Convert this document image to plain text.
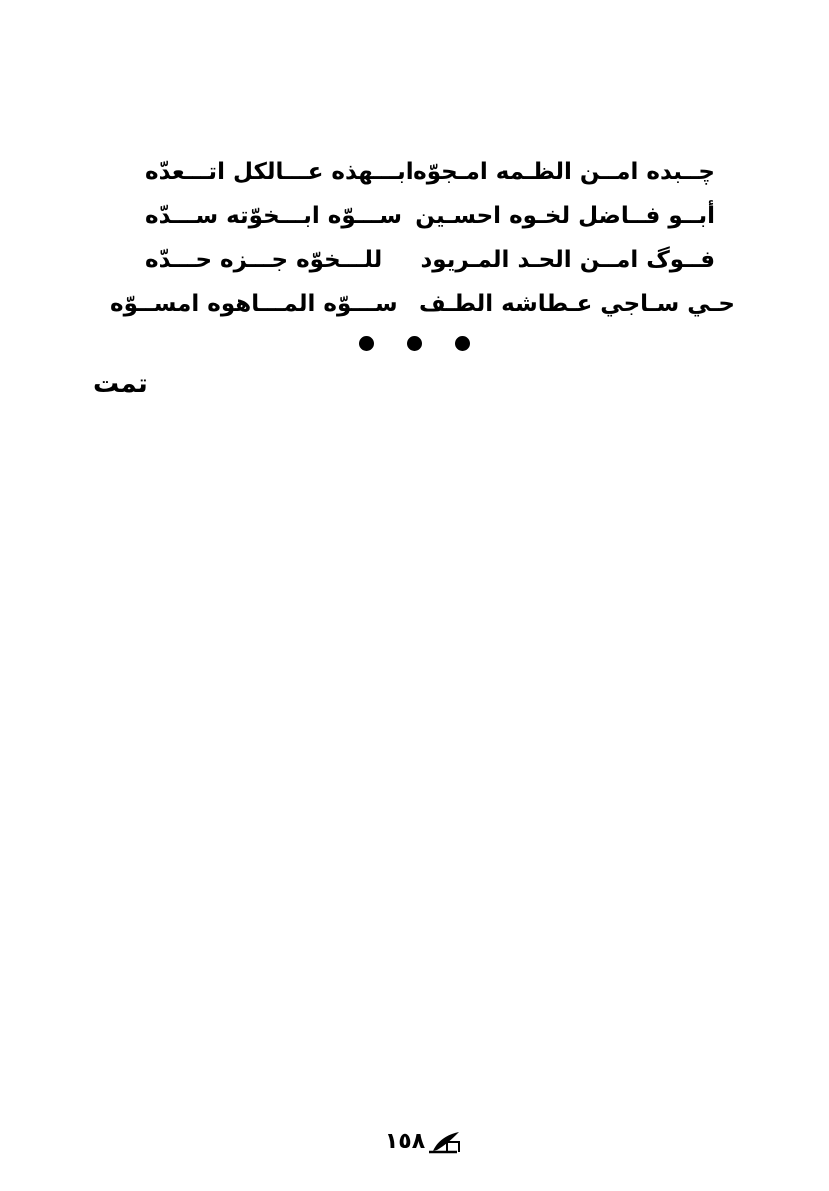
چــبده امــن الظـمه امـجوّه
ابـــهذه عـــالكل اتـــعدّه
أبــو فــاضل لخـوه احسـين
ســـوّه ابـــخوّته ســـدّه
فــوگ امــن الحـد المـريود
للـــخوّه جـــزه حـــدّه
حـي سـاجي عـطاشه الطـف
ســـوّه المـــاهوه امســوّه

تمت
١٥٨
